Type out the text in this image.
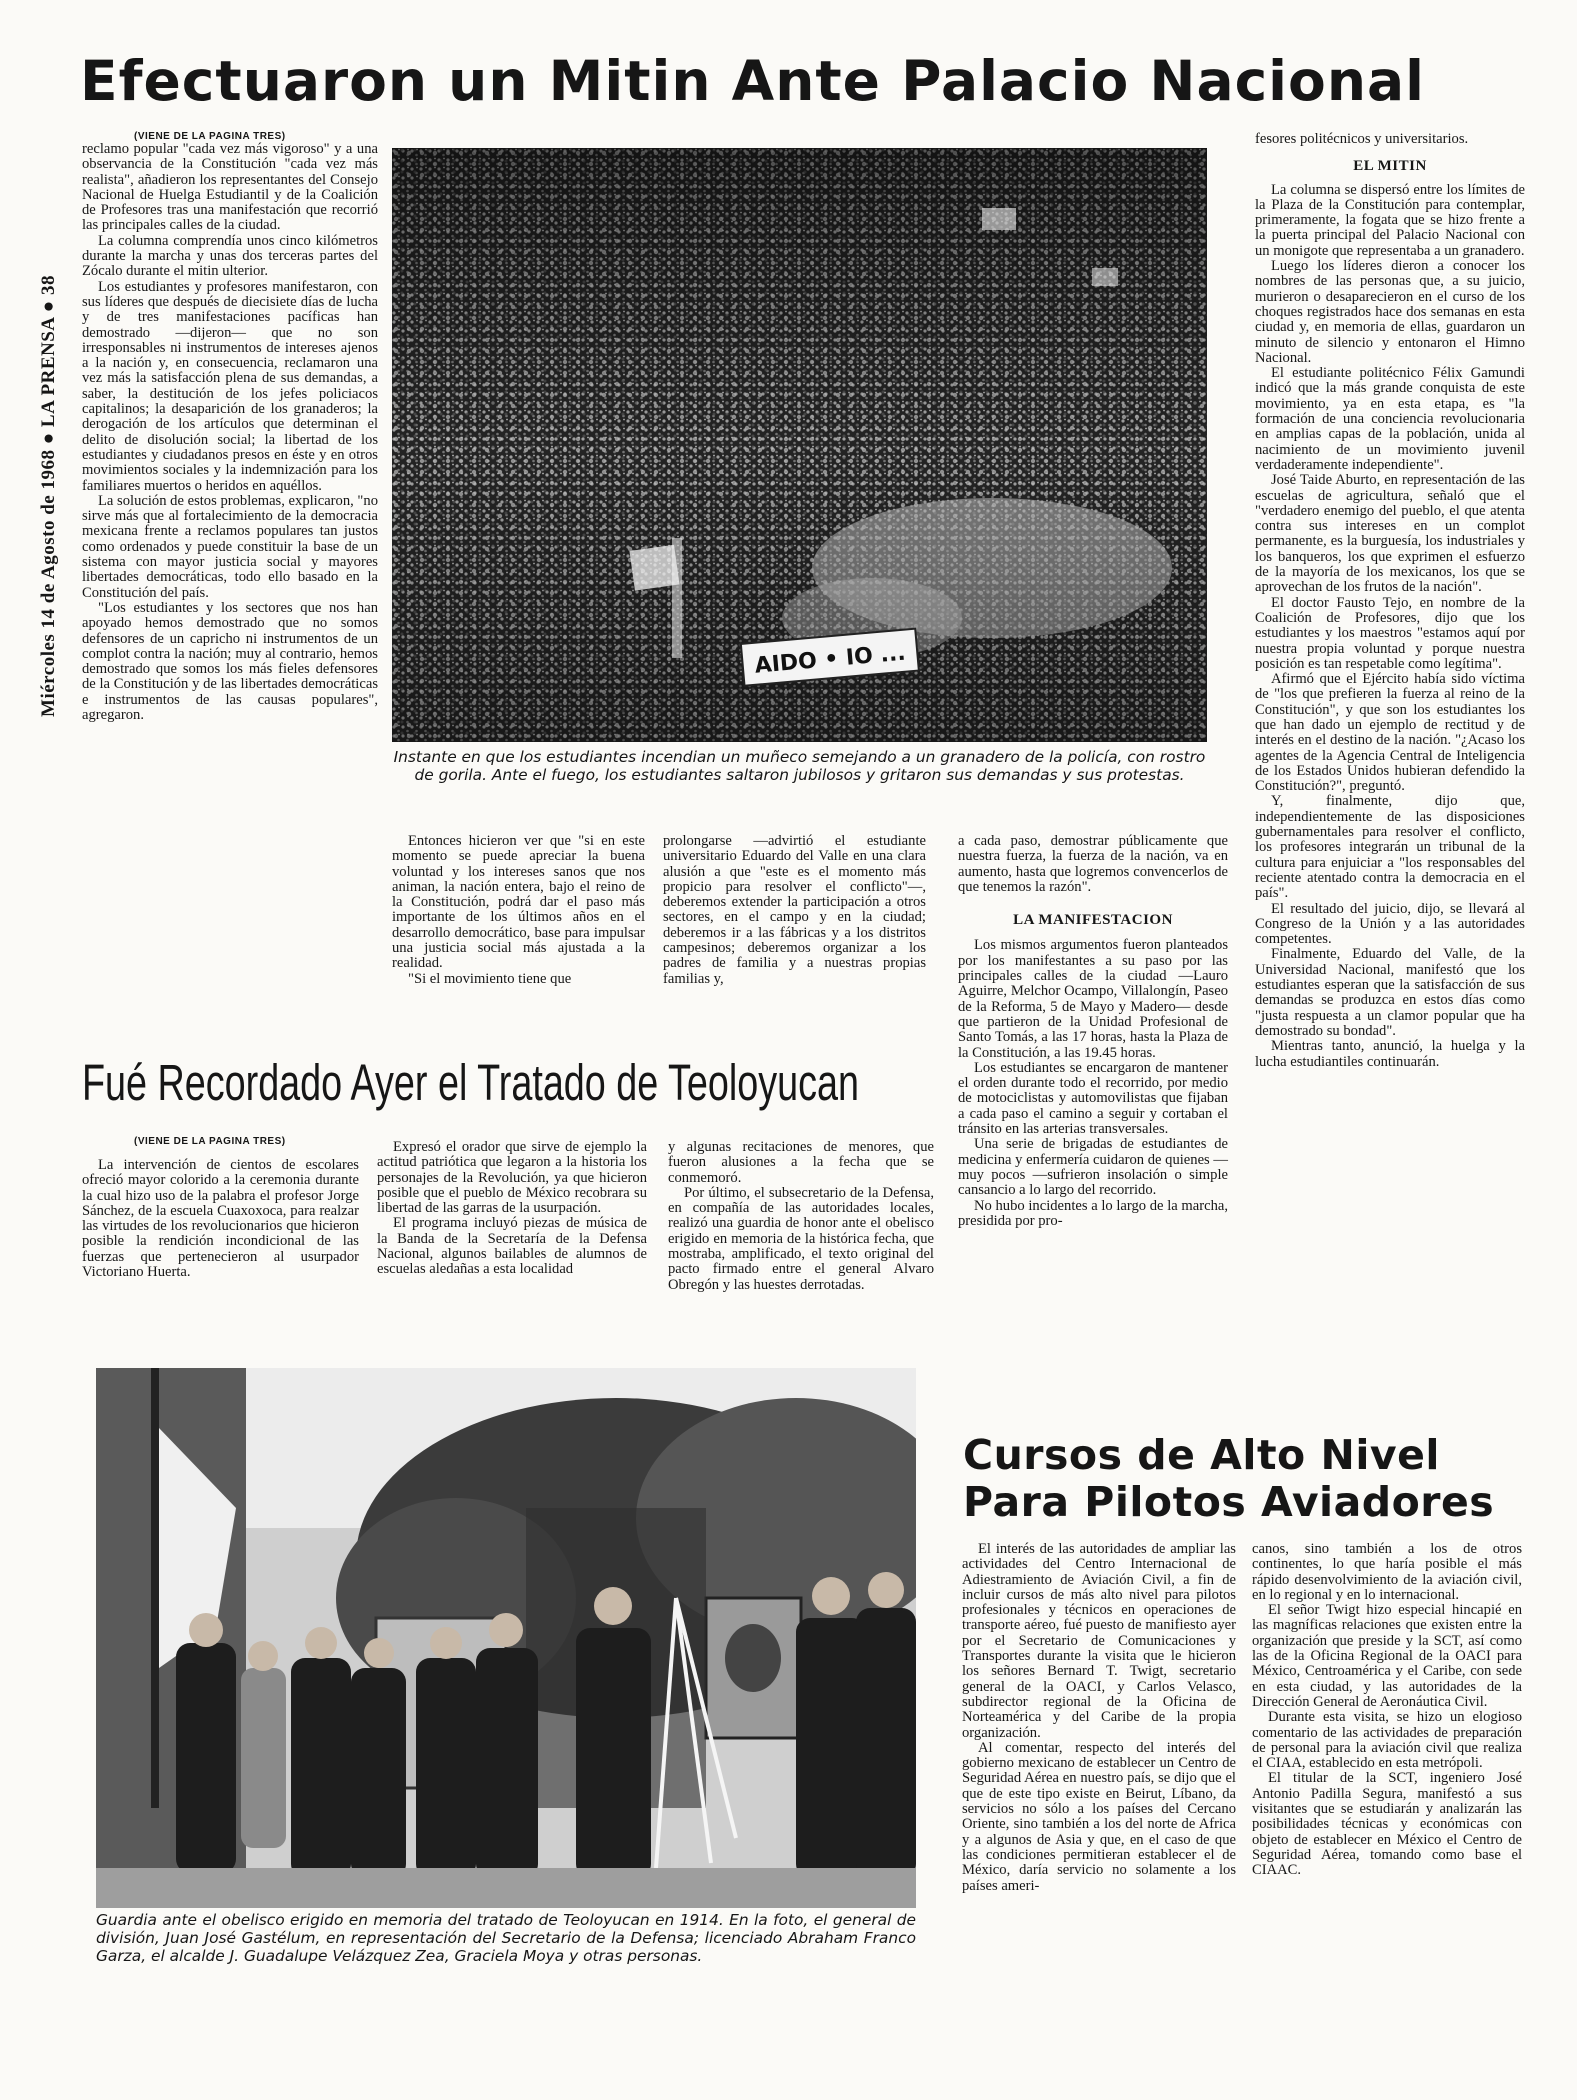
Miércoles 14 de Agosto de 1968 ● LA PRENSA ● 38
Efectuaron un Mitin Ante Palacio Nacional
(VIENE DE LA PAGINA TRES)

reclamo popular "cada vez más vigoroso" y a una observancia de la Constitución "cada vez más realista", añadieron los representantes del Consejo Nacional de Huelga Estudiantil y de la Coalición de Profesores tras una manifestación que recorrió las principales calles de la ciudad.

La columna comprendía unos cinco kilómetros durante la marcha y unas dos terceras partes del Zócalo durante el mitin ulterior.

Los estudiantes y profesores manifestaron, con sus líderes que después de diecisiete días de lucha y de tres manifestaciones pacíficas han demostrado —dijeron— que no son irresponsables ni instrumentos de intereses ajenos a la nación y, en consecuencia, reclamaron una vez más la satisfacción plena de sus demandas, a saber, la destitución de los jefes policiacos capitalinos; la desaparición de los granaderos; la derogación de los artículos que determinan el delito de disolución social; la libertad de los estudiantes y ciudadanos presos en éste y en otros movimientos sociales y la indemnización para los familiares muertos o heridos en aquéllos.

La solución de estos problemas, explicaron, "no sirve más que al fortalecimiento de la democracia mexicana frente a reclamos populares tan justos como ordenados y puede constituir la base de un sistema con mayor justicia social y mayores libertades democráticas, todo ello basado en la Constitución del país.

"Los estudiantes y los sectores que nos han apoyado hemos demostrado que no somos defensores de un capricho ni instrumentos de un complot contra la nación; muy al contrario, hemos demostrado que somos los más fieles defensores de la Constitución y de las libertades democráticas e instrumentos de las causas populares", agregaron.

AIDO • IO ...
Instante en que los estudiantes incendian un muñeco semejando a un granadero de la policía, con rostro de gorila. Ante el fuego, los estudiantes saltaron jubilosos y gritaron sus demandas y sus protestas.

Entonces hicieron ver que "si en este momento se puede apreciar la buena voluntad y los intereses sanos que nos animan, la nación entera, bajo el reino de la Constitución, podrá dar el paso más importante de los últimos años en el desarrollo democrático, base para impulsar una justicia social más ajustada a la realidad.

"Si el movimiento tiene que

prolongarse —advirtió el estudiante universitario Eduardo del Valle en una clara alusión a que "este es el momento más propicio para resolver el conflicto"—, deberemos extender la participación a otros sectores, en el campo y en la ciudad; deberemos ir a las fábricas y a los distritos campesinos; deberemos organizar a los padres de familia y a nuestras propias familias y,

a cada paso, demostrar públicamente que nuestra fuerza, la fuerza de la nación, va en aumento, hasta que logremos convencerlos de que tenemos la razón".

LA MANIFESTACION

Los mismos argumentos fueron planteados por los manifestantes a su paso por las principales calles de la ciudad —Lauro Aguirre, Melchor Ocampo, Villalongín, Paseo de la Reforma, 5 de Mayo y Madero— desde que partieron de la Unidad Profesional de Santo Tomás, a las 17 horas, hasta la Plaza de la Constitución, a las 19.45 horas.

Los estudiantes se encargaron de mantener el orden durante todo el recorrido, por medio de motociclistas y automovilistas que fijaban a cada paso el camino a seguir y cortaban el tránsito en las arterias transversales.

Una serie de brigadas de estudiantes de medicina y enfermería cuidaron de quienes —muy pocos —sufrieron insolación o simple cansancio a lo largo del recorrido.

No hubo incidentes a lo largo de la marcha, presidida por pro-

fesores politécnicos y universitarios.

EL MITIN

La columna se dispersó entre los límites de la Plaza de la Constitución para contemplar, primeramente, la fogata que se hizo frente a la puerta principal del Palacio Nacional con un monigote que representaba a un granadero.

Luego los líderes dieron a conocer los nombres de las personas que, a su juicio, murieron o desaparecieron en el curso de los choques registrados hace dos semanas en esta ciudad y, en memoria de ellas, guardaron un minuto de silencio y entonaron el Himno Nacional.

El estudiante politécnico Félix Gamundi indicó que la más grande conquista de este movimiento, ya en esta etapa, es "la formación de una conciencia revolucionaria en amplias capas de la población, unida al nacimiento de un movimiento juvenil verdaderamente independiente".

José Taide Aburto, en representación de las escuelas de agricultura, señaló que el "verdadero enemigo del pueblo, el que atenta contra sus intereses en un complot permanente, es la burguesía, los industriales y los banqueros, los que exprimen el esfuerzo de la mayoría de los mexicanos, los que se aprovechan de los frutos de la nación".

El doctor Fausto Tejo, en nombre de la Coalición de Profesores, dijo que los estudiantes y los maestros "estamos aquí por nuestra propia voluntad y porque nuestra posición es tan respetable como legítima".

Afirmó que el Ejército había sido víctima de "los que prefieren la fuerza al reino de la Constitución", y que son los estudiantes los que han dado un ejemplo de rectitud y de interés en el destino de la nación. "¿Acaso los agentes de la Agencia Central de Inteligencia de los Estados Unidos hubieran defendido la Constitución?", preguntó.

Y, finalmente, dijo que, independientemente de las disposiciones gubernamentales para resolver el conflicto, los profesores integrarán un tribunal de la cultura para enjuiciar a "los responsables del reciente atentado contra la democracia en el país".

El resultado del juicio, dijo, se llevará al Congreso de la Unión y a las autoridades competentes.

Finalmente, Eduardo del Valle, de la Universidad Nacional, manifestó que los estudiantes esperan que la satisfacción de sus demandas se produzca en estos días como "justa respuesta a un clamor popular que ha demostrado su bondad".

Mientras tanto, anunció, la huelga y la lucha estudiantiles continuarán.

Fué Recordado Ayer el Tratado de Teoloyucan
(VIENE DE LA PAGINA TRES)

La intervención de cientos de escolares ofreció mayor colorido a la ceremonia durante la cual hizo uso de la palabra el profesor Jorge Sánchez, de la escuela Cuaxoxoca, para realzar las virtudes de los revolucionarios que hicieron posible la rendición incondicional de las fuerzas que pertenecieron al usurpador Victoriano Huerta.

Expresó el orador que sirve de ejemplo la actitud patriótica que legaron a la historia los personajes de la Revolución, ya que hicieron posible que el pueblo de México recobrara su libertad de las garras de la usurpación.

El programa incluyó piezas de música de la Banda de la Secretaría de la Defensa Nacional, algunos bailables de alumnos de escuelas aledañas a esta localidad

y algunas recitaciones de menores, que fueron alusiones a la fecha que se conmemoró.

Por último, el subsecretario de la Defensa, en compañía de las autoridades locales, realizó una guardia de honor ante el obelisco erigido en memoria de la histórica fecha, que mostraba, amplificado, el texto original del pacto firmado entre el general Alvaro Obregón y las huestes derrotadas.

Guardia ante el obelisco erigido en memoria del tratado de Teoloyucan en 1914. En la foto, el general de división, Juan José Gastélum, en representación del Secretario de la Defensa; licenciado Abraham Franco Garza, el alcalde J. Guadalupe Velázquez Zea, Graciela Moya y otras personas.
Cursos de Alto Nivel
Para Pilotos Aviadores

El interés de las autoridades de ampliar las actividades del Centro Internacional de Adiestramiento de Aviación Civil, a fin de incluir cursos de más alto nivel para pilotos profesionales y técnicos en operaciones de transporte aéreo, fué puesto de manifiesto ayer por el Secretario de Comunicaciones y Transportes durante la visita que le hicieron los señores Bernard T. Twigt, secretario general de la OACI, y Carlos Velasco, subdirector regional de la Oficina de Norteamérica y del Caribe de la propia organización.

Al comentar, respecto del interés del gobierno mexicano de establecer un Centro de Seguridad Aérea en nuestro país, se dijo que el que de este tipo existe en Beirut, Líbano, da servicios no sólo a los países del Cercano Oriente, sino también a los del norte de Africa y a algunos de Asia y que, en el caso de que las condiciones permitieran establecer el de México, daría servicio no solamente a los países ameri-

canos, sino también a los de otros continentes, lo que haría posible el más rápido desenvolvimiento de la aviación civil, en lo regional y en lo internacional.

El señor Twigt hizo especial hincapié en las magníficas relaciones que existen entre la organización que preside y la SCT, así como las de la Oficina Regional de la OACI para México, Centroamérica y el Caribe, con sede en esta ciudad, y las autoridades de la Dirección General de Aeronáutica Civil.

Durante esta visita, se hizo un elogioso comentario de las actividades de preparación de personal para la aviación civil que realiza el CIAA, establecido en esta metrópoli.

El titular de la SCT, ingeniero José Antonio Padilla Segura, manifestó a sus visitantes que se estudiarán y analizarán las posibilidades técnicas y económicas con objeto de establecer en México el Centro de Seguridad Aérea, tomando como base el CIAAC.
